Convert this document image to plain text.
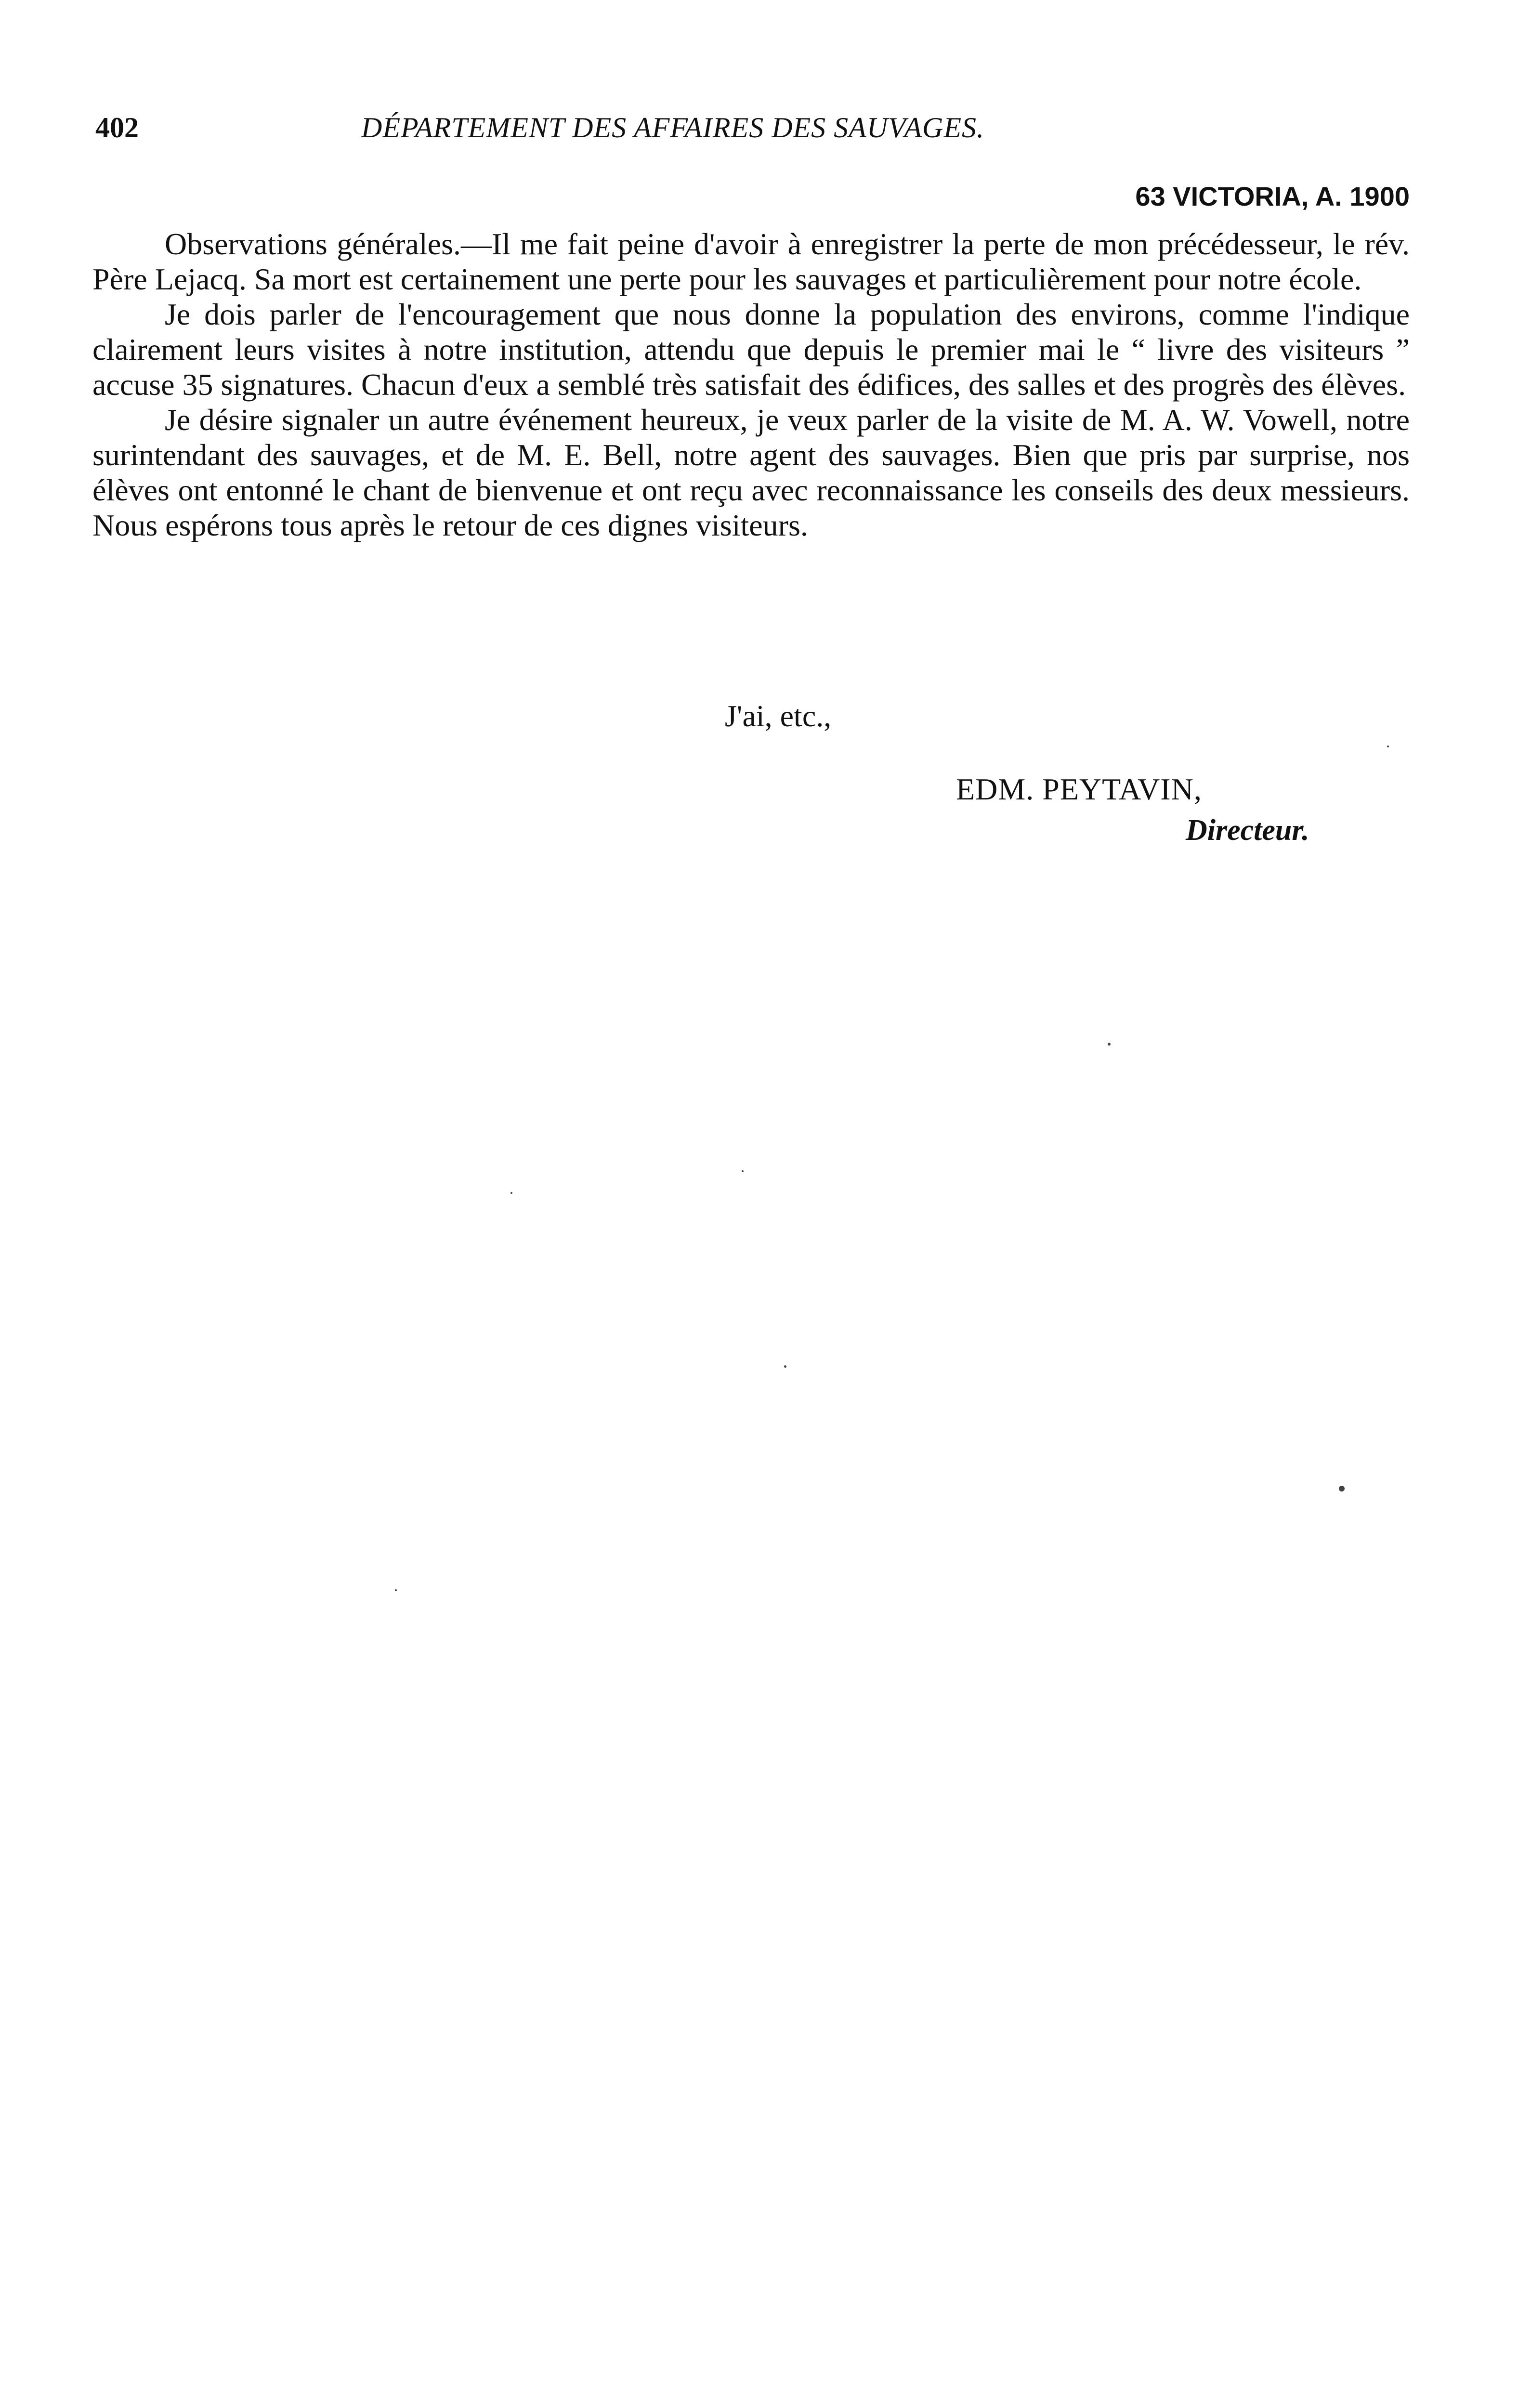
402	DÉPARTEMENT DES AFFAIRES DES SAUVAGES.
63 VICTORIA, A. 1900

Observations générales.—Il me fait peine d'avoir à enregistrer la perte de mon précédesseur, le rév. Père Lejacq. Sa mort est certainement une perte pour les sauvages et particulièrement pour notre école.

Je dois parler de l'encouragement que nous donne la population des environs, comme l'indique clairement leurs visites à notre institution, attendu que depuis le premier mai le “ livre des visiteurs ” accuse 35 signatures. Chacun d'eux a semblé très satisfait des édifices, des salles et des progrès des élèves.

Je désire signaler un autre événement heureux, je veux parler de la visite de M. A. W. Vowell, notre surintendant des sauvages, et de M. E. Bell, notre agent des sauvages. Bien que pris par surprise, nos élèves ont entonné le chant de bienvenue et ont reçu avec reconnaissance les conseils des deux messieurs. Nous espérons tous après le retour de ces dignes visiteurs.

J'ai, etc.,
EDM. PEYTAVIN,
Directeur.
